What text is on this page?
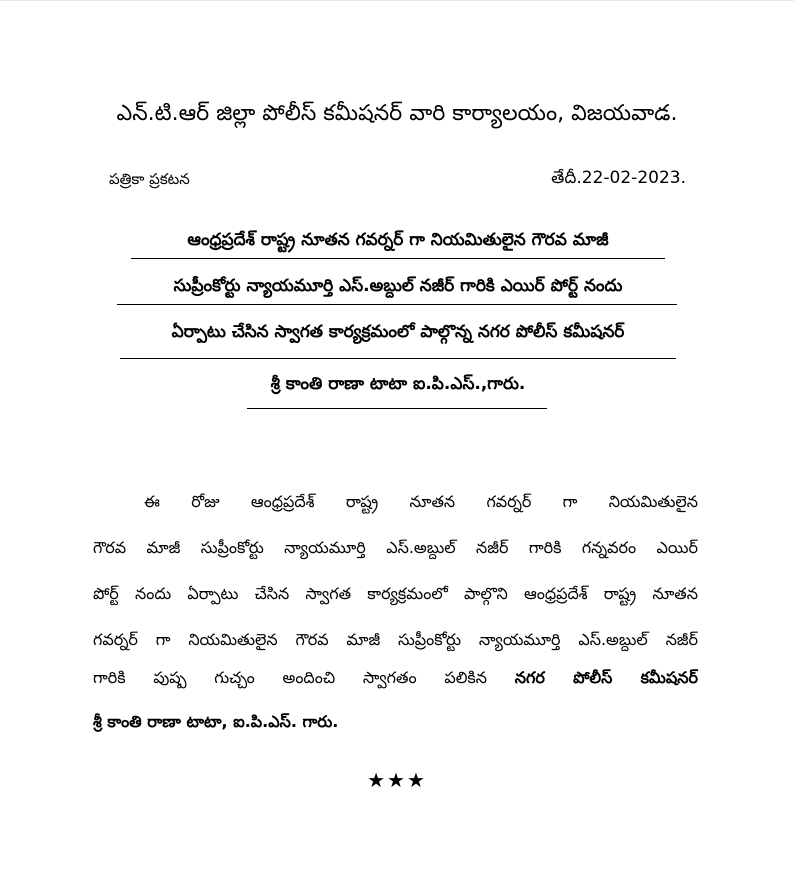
ఎన్.టి.ఆర్ జిల్లా పోలీస్ కమీషనర్ వారి కార్యాలయం, విజయవాడ.
పత్రికా ప్రకటన	తేదీ.22-02-2023.
ఆంధ్రప్రదేశ్ రాష్ట్ర నూతన గవర్నర్ గా నియమితులైన గౌరవ మాజీ
సుప్రీంకోర్టు న్యాయమూర్తి ఎస్.అబ్దుల్ నజీర్ గారికి ఎయిర్ పోర్ట్ నందు
ఏర్పాటు చేసిన స్వాగత కార్యక్రమంలో పాల్గొన్న నగర పోలీస్ కమీషనర్
శ్రీ కాంతి రాణా టాటా ఐ.పి.ఎస్.,గారు.
ఈ రోజు ఆంధ్రప్రదేశ్ రాష్ట్ర నూతన గవర్నర్ గా నియమితులైన
గౌరవ మాజీ సుప్రీంకోర్టు న్యాయమూర్తి ఎస్.అబ్దుల్ నజీర్ గారికి గన్నవరం ఎయిర్
పోర్ట్ నందు ఏర్పాటు చేసిన స్వాగత కార్యక్రమంలో పాల్గొని ఆంధ్రప్రదేశ్ రాష్ట్ర నూతన
గవర్నర్ గా నియమితులైన గౌరవ మాజీ సుప్రీంకోర్టు న్యాయమూర్తి ఎస్.అబ్దుల్ నజీర్
గారికి పుష్ప గుచ్చం అందించి స్వాగతం పలికిన నగర పోలీస్ కమీషనర్
శ్రీ కాంతి రాణా టాటా, ఐ.పి.ఎస్. గారు.
★★★
